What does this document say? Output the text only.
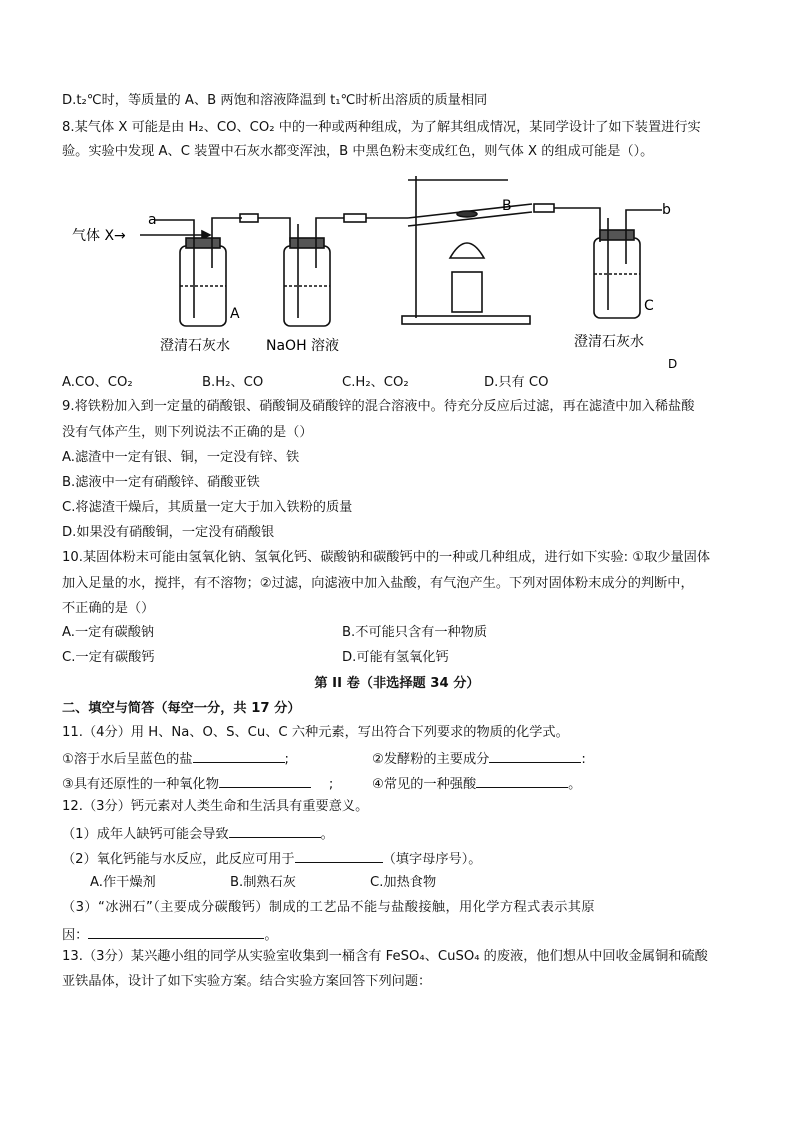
D.t₂℃时，等质量的 A、B 两饱和溶液降温到 t₁℃时析出溶质的质量相同
8.某气体 X 可能是由 H₂、CO、CO₂ 中的一种或两种组成，为了解其组成情况，某同学设计了如下装置进行实
验。实验中发现 A、C 装置中石灰水都变浑浊，B 中黑色粉末变成红色，则气体 X 的组成可能是（）。
气体 X→
a
b
A
B
C
D
澄清石灰水	NaOH 溶液	澄清石灰水
A.CO、CO₂	B.H₂、CO	C.H₂、CO₂	D.只有 CO
9.将铁粉加入到一定量的硝酸银、硝酸铜及硝酸锌的混合溶液中。待充分反应后过滤，再在滤渣中加入稀盐酸
没有气体产生，则下列说法不正确的是（）
A.滤渣中一定有银、铜，一定没有锌、铁
B.滤液中一定有硝酸锌、硝酸亚铁
C.将滤渣干燥后，其质量一定大于加入铁粉的质量
D.如果没有硝酸铜，一定没有硝酸银
10.某固体粉末可能由氢氧化钠、氢氧化钙、碳酸钠和碳酸钙中的一种或几种组成，进行如下实验: ①取少量固体
加入足量的水，搅拌，有不溶物；②过滤，向滤液中加入盐酸，有气泡产生。下列对固体粉末成分的判断中，
不正确的是（）
A.一定有碳酸钠	B.不可能只含有一种物质
C.一定有碳酸钙	D.可能有氢氧化钙
第 II 卷（非选择题 34 分）
二、填空与简答（每空一分，共 17 分）
11.（4分）用 H、Na、O、S、Cu、C 六种元素，写出符合下列要求的物质的化学式。
①溶于水后呈蓝色的盐	;	②发酵粉的主要成分	:
③具有还原性的一种氧化物	;	④常见的一种强酸	。
12.（3分）钙元素对人类生命和生活具有重要意义。
（1）成年人缺钙可能会导致	。
（2）氧化钙能与水反应，此反应可用于	（填字母序号）。
A.作干燥剂	B.制熟石灰	C.加热食物
（3）“冰洲石”（主要成分碳酸钙）制成的工艺品不能与盐酸接触，用化学方程式表示其原
因：	。
13.（3分）某兴趣小组的同学从实验室收集到一桶含有 FeSO₄、CuSO₄ 的废液，他们想从中回收金属铜和硫酸
亚铁晶体，设计了如下实验方案。结合实验方案回答下列问题：
